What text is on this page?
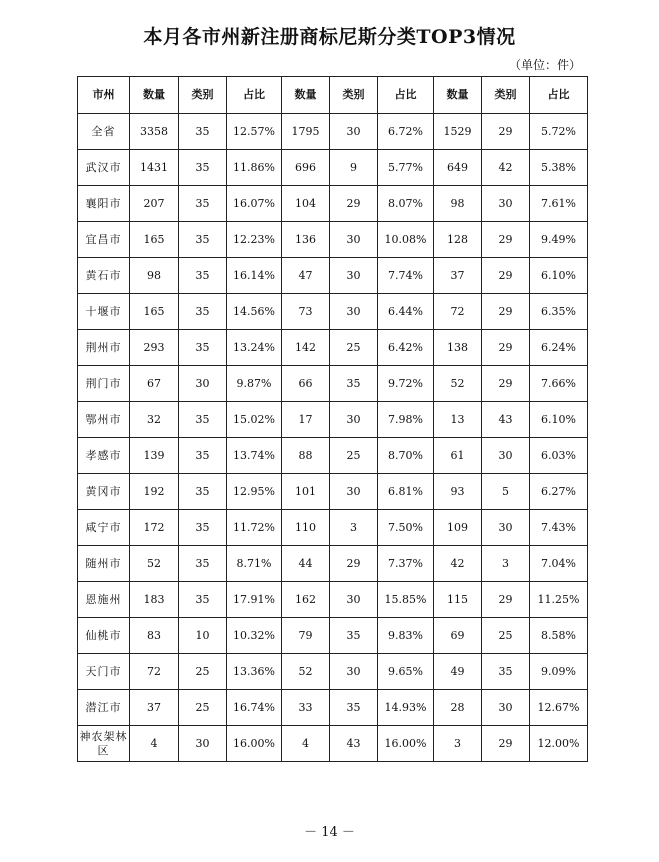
本月各市州新注册商标尼斯分类TOP3情况
（单位：件）
市州	数量	类别	占比	数量	类别	占比	数量	类别	占比
全省	3358	35	12.57%	1795	30	6.72%	1529	29	5.72%
武汉市	1431	35	11.86%	696	9	5.77%	649	42	5.38%
襄阳市	207	35	16.07%	104	29	8.07%	98	30	7.61%
宜昌市	165	35	12.23%	136	30	10.08%	128	29	9.49%
黄石市	98	35	16.14%	47	30	7.74%	37	29	6.10%
十堰市	165	35	14.56%	73	30	6.44%	72	29	6.35%
荆州市	293	35	13.24%	142	25	6.42%	138	29	6.24%
荆门市	67	30	9.87%	66	35	9.72%	52	29	7.66%
鄂州市	32	35	15.02%	17	30	7.98%	13	43	6.10%
孝感市	139	35	13.74%	88	25	8.70%	61	30	6.03%
黄冈市	192	35	12.95%	101	30	6.81%	93	5	6.27%
咸宁市	172	35	11.72%	110	3	7.50%	109	30	7.43%
随州市	52	35	8.71%	44	29	7.37%	42	3	7.04%
恩施州	183	35	17.91%	162	30	15.85%	115	29	11.25%
仙桃市	83	10	10.32%	79	35	9.83%	69	25	8.58%
天门市	72	25	13.36%	52	30	9.65%	49	35	9.09%
潜江市	37	25	16.74%	33	35	14.93%	28	30	12.67%
神农架林区	4	30	16.00%	4	43	16.00%	3	29	12.00%
－ 14 －
